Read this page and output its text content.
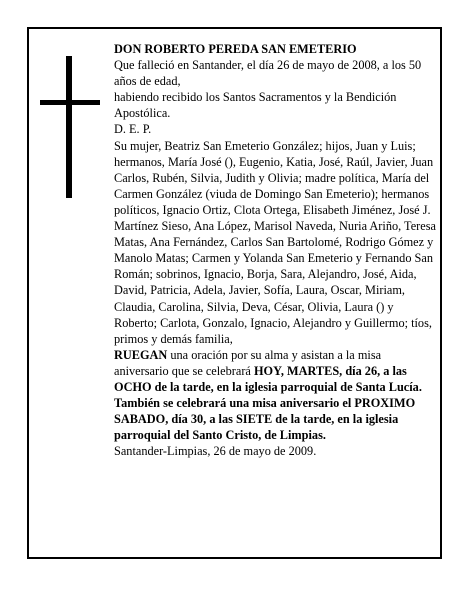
DON ROBERTO PEREDA SAN EMETERIO

Que falleció en Santander, el día 26 de mayo de 2008, a los 50 años de edad,

habiendo recibido los Santos Sacramentos y la Bendición Apostólica.

D. E. P.

Su mujer, Beatriz San Emeterio González; hijos, Juan y Luis; hermanos, María José (), Eugenio, Katia, José, Raúl, Javier, Juan Carlos, Rubén, Silvia, Judith y Olivia; madre política, María del Carmen González (viuda de Domingo San Emeterio); hermanos políticos, Ignacio Ortiz, Clota Ortega, Elisabeth Jiménez, José J. Martínez Sieso, Ana López, Marisol Naveda, Nuria Ariño, Teresa Matas, Ana Fernández, Carlos San Bartolomé, Rodrigo Gómez y Manolo Matas; Carmen y Yolanda San Emeterio y Fernando San Román; sobrinos, Ignacio, Borja, Sara, Alejandro, José, Aida, David, Patricia, Adela, Javier, Sofía, Laura, Oscar, Miriam, Claudia, Carolina, Silvia, Deva, César, Olivia, Laura () y Roberto; Carlota, Gonzalo, Ignacio, Alejandro y Guillermo; tíos, primos y demás familia,

RUEGAN una oración por su alma y asistan a la misa aniversario que se celebrará HOY, MARTES, día 26, a las OCHO de la tarde, en la iglesia parroquial de Santa Lucía. También se celebrará una misa aniversario el PROXIMO SABADO, día 30, a las SIETE de la tarde, en la iglesia parroquial del Santo Cristo, de Limpias.

Santander-Limpias, 26 de mayo de 2009.
